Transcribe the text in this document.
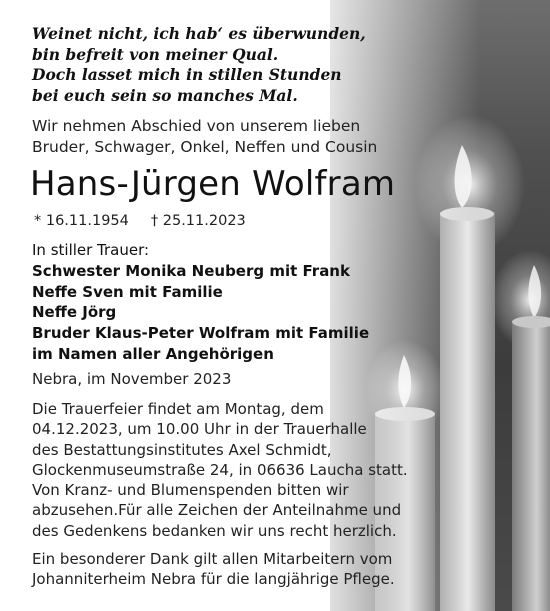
Weinet nicht, ich hab‘ es überwunden,
bin befreit von meiner Qual.
Doch lasset mich in stillen Stunden
bei euch sein so manches Mal.
Wir nehmen Abschied von unserem lieben
Bruder, Schwager, Onkel, Neffen und Cousin
Hans-Jürgen Wolfram
* 16.11.1954 † 25.11.2023
In stiller Trauer:
Schwester Monika Neuberg mit Frank
Neffe Sven mit Familie
Neffe Jörg
Bruder Klaus-Peter Wolfram mit Familie
im Namen aller Angehörigen
Nebra, im November 2023
Die Trauerfeier findet am Montag, dem
04.12.2023, um 10.00 Uhr in der Trauerhalle
des Bestattungsinstitutes Axel Schmidt,
Glockenmuseumstraße 24, in 06636 Laucha statt.
Von Kranz- und Blumenspenden bitten wir
abzusehen.Für alle Zeichen der Anteilnahme und
des Gedenkens bedanken wir uns recht herzlich.
Ein besonderer Dank gilt allen Mitarbeitern vom
Johanniterheim Nebra für die langjährige Pflege.
